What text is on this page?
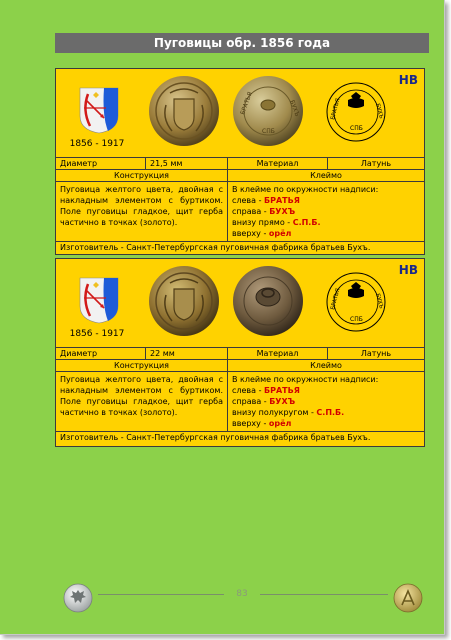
Пуговицы обр. 1856 года
1856 - 1917
БРАТЬЯ	БУХЪ
СПБ
БРАТЬЯ	БУХЪ
СПБ
НВ
Диаметр	21,5 мм	Материал	Латунь
Конструкция	Клеймо
Пуговица желтого цвета, двойная с накладным элементом с буртиком. Поле пуговицы гладкое, щит герба частично в точках (золото).
В клейме по окружности надписи:
слева - БРАТЬЯ
справа - БУХЪ
внизу прямо - С.П.Б.
вверху - орёл
Изготовитель - Санкт-Петербургская пуговичная фабрика братьев Бухъ.
1856 - 1917
БРАТЬЯ	БУХЪ
СПБ
НВ
Диаметр	22 мм	Материал	Латунь
Конструкция	Клеймо
Пуговица желтого цвета, двойная с накладным элементом с буртиком. Поле пуговицы гладкое, щит герба частично в точках (золото).
В клейме по окружности надписи:
слева - БРАТЬЯ
справа - БУХЪ
внизу полукругом - С.П.Б.
вверху - орёл
Изготовитель - Санкт-Петербургская пуговичная фабрика братьев Бухъ.
83
